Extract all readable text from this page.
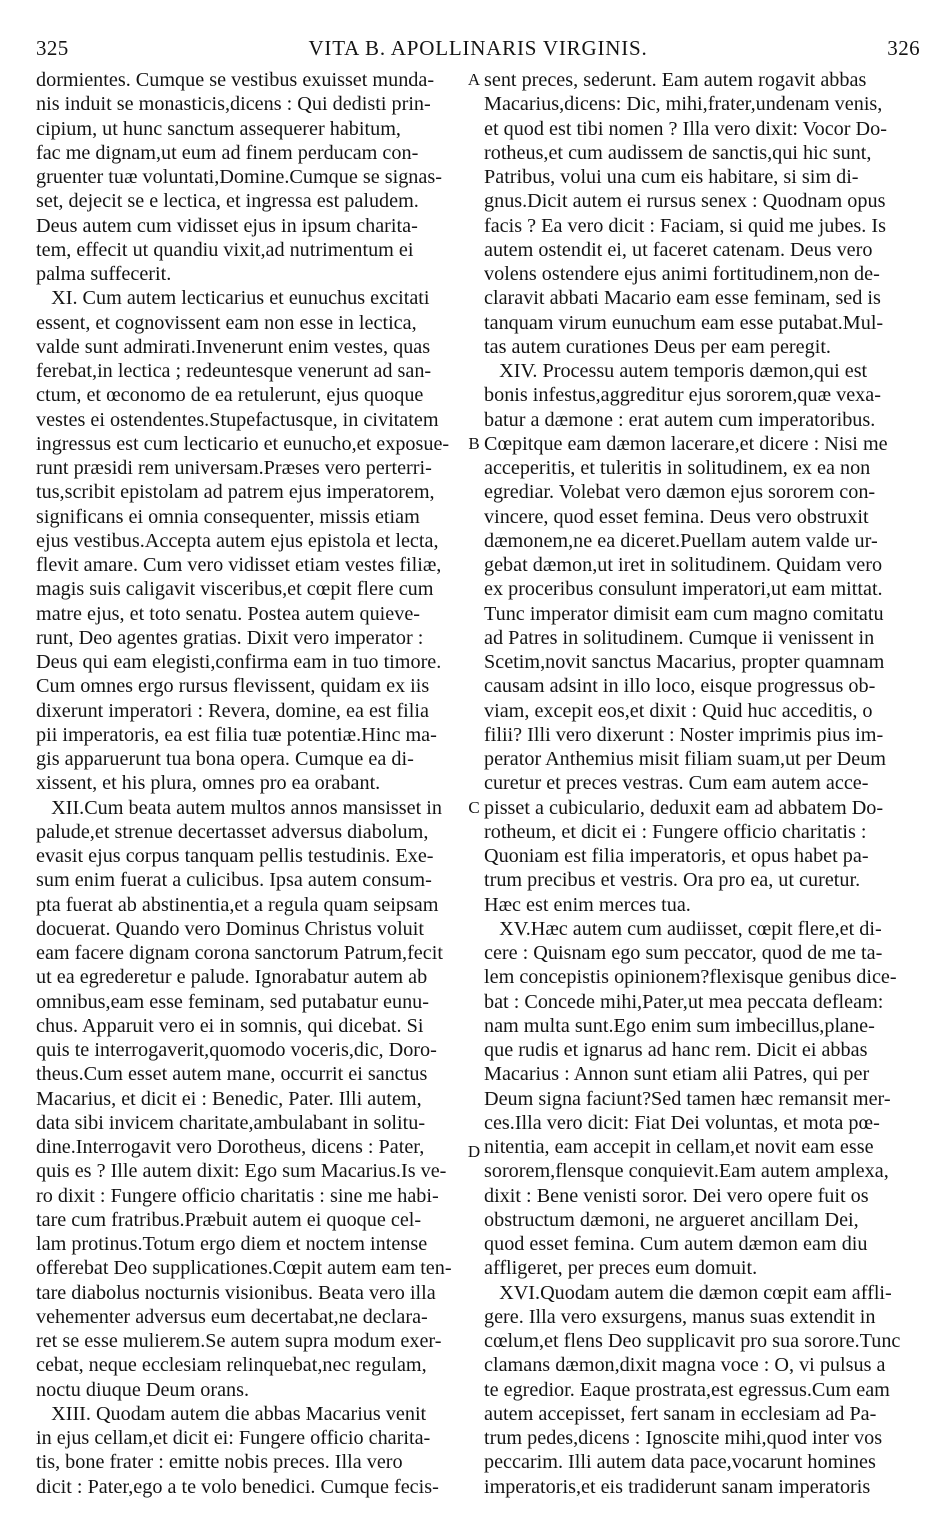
325	VITA B. APOLLINARIS VIRGINIS.	326
dormientes. Cumque se vestibus exuisset munda-
nis induit se monasticis,dicens : Qui dedisti prin-
cipium, ut hunc sanctum assequerer habitum,
fac me dignam,ut eum ad finem perducam con-
gruenter tuæ voluntati,Domine.Cumque se signas-
set, dejecit se e lectica, et ingressa est paludem.
Deus autem cum vidisset ejus in ipsum charita-
tem, effecit ut quandiu vixit,ad nutrimentum ei
palma suffecerit.
XI. Cum autem lecticarius et eunuchus excitati
essent, et cognovissent eam non esse in lectica,
valde sunt admirati.Invenerunt enim vestes, quas
ferebat,in lectica ; redeuntesque venerunt ad san-
ctum, et œconomo de ea retulerunt, ejus quoque
vestes ei ostendentes.Stupefactusque, in civitatem
ingressus est cum lecticario et eunucho,et exposue-
runt præsidi rem universam.Præses vero perterri-
tus,scribit epistolam ad patrem ejus imperatorem,
significans ei omnia consequenter, missis etiam
ejus vestibus.Accepta autem ejus epistola et lecta,
flevit amare. Cum vero vidisset etiam vestes filiæ,
magis suis caligavit visceribus,et cœpit flere cum
matre ejus, et toto senatu. Postea autem quieve-
runt, Deo agentes gratias. Dixit vero imperator :
Deus qui eam elegisti,confirma eam in tuo timore.
Cum omnes ergo rursus flevissent, quidam ex iis
dixerunt imperatori : Revera, domine, ea est filia
pii imperatoris, ea est filia tuæ potentiæ.Hinc ma-
gis apparuerunt tua bona opera. Cumque ea di-
xissent, et his plura, omnes pro ea orabant.
XII.Cum beata autem multos annos mansisset in
palude,et strenue decertasset adversus diabolum,
evasit ejus corpus tanquam pellis testudinis. Exe-
sum enim fuerat a culicibus. Ipsa autem consum-
pta fuerat ab abstinentia,et a regula quam seipsam
docuerat. Quando vero Dominus Christus voluit
eam facere dignam corona sanctorum Patrum,fecit
ut ea egrederetur e palude. Ignorabatur autem ab
omnibus,eam esse feminam, sed putabatur eunu-
chus. Apparuit vero ei in somnis, qui dicebat. Si
quis te interrogaverit,quomodo voceris,dic, Doro-
theus.Cum esset autem mane, occurrit ei sanctus
Macarius, et dicit ei : Benedic, Pater. Illi autem,
data sibi invicem charitate,ambulabant in solitu-
dine.Interrogavit vero Dorotheus, dicens : Pater,
quis es ? Ille autem dixit: Ego sum Macarius.Is ve-
ro dixit : Fungere officio charitatis : sine me habi-
tare cum fratribus.Præbuit autem ei quoque cel-
lam protinus.Totum ergo diem et noctem intense
offerebat Deo supplicationes.Cœpit autem eam ten-
tare diabolus nocturnis visionibus. Beata vero illa
vehementer adversus eum decertabat,ne declara-
ret se esse mulierem.Se autem supra modum exer-
cebat, neque ecclesiam relinquebat,nec regulam,
noctu diuque Deum orans.
XIII. Quodam autem die abbas Macarius venit
in ejus cellam,et dicit ei: Fungere officio charita-
tis, bone frater : emitte nobis preces. Illa vero
dicit : Pater,ego a te volo benedici. Cumque fecis-
sent preces, sederunt. Eam autem rogavit abbas
Macarius,dicens: Dic, mihi,frater,undenam venis,
et quod est tibi nomen ? Illa vero dixit: Vocor Do-
rotheus,et cum audissem de sanctis,qui hic sunt,
Patribus, volui una cum eis habitare, si sim di-
gnus.Dicit autem ei rursus senex : Quodnam opus
facis ? Ea vero dicit : Faciam, si quid me jubes. Is
autem ostendit ei, ut faceret catenam. Deus vero
volens ostendere ejus animi fortitudinem,non de-
claravit abbati Macario eam esse feminam, sed is
tanquam virum eunuchum eam esse putabat.Mul-
tas autem curationes Deus per eam peregit.
XIV. Processu autem temporis dæmon,qui est
bonis infestus,aggreditur ejus sororem,quæ vexa-
batur a dæmone : erat autem cum imperatoribus.
Cœpitque eam dæmon lacerare,et dicere : Nisi me
acceperitis, et tuleritis in solitudinem, ex ea non
egrediar. Volebat vero dæmon ejus sororem con-
vincere, quod esset femina. Deus vero obstruxit
dæmonem,ne ea diceret.Puellam autem valde ur-
gebat dæmon,ut iret in solitudinem. Quidam vero
ex proceribus consulunt imperatori,ut eam mittat.
Tunc imperator dimisit eam cum magno comitatu
ad Patres in solitudinem. Cumque ii venissent in
Scetim,novit sanctus Macarius, propter quamnam
causam adsint in illo loco, eisque progressus ob-
viam, excepit eos,et dixit : Quid huc acceditis, o
filii? Illi vero dixerunt : Noster imprimis pius im-
perator Anthemius misit filiam suam,ut per Deum
curetur et preces vestras. Cum eam autem acce-
pisset a cubiculario, deduxit eam ad abbatem Do-
rotheum, et dicit ei : Fungere officio charitatis :
Quoniam est filia imperatoris, et opus habet pa-
trum precibus et vestris. Ora pro ea, ut curetur.
Hæc est enim merces tua.
XV.Hæc autem cum audiisset, cœpit flere,et di-
cere : Quisnam ego sum peccator, quod de me ta-
lem concepistis opinionem?flexisque genibus dice-
bat : Concede mihi,Pater,ut mea peccata defleam:
nam multa sunt.Ego enim sum imbecillus,plane-
que rudis et ignarus ad hanc rem. Dicit ei abbas
Macarius : Annon sunt etiam alii Patres, qui per
Deum signa faciunt?Sed tamen hæc remansit mer-
ces.Illa vero dicit: Fiat Dei voluntas, et mota pœ-
nitentia, eam accepit in cellam,et novit eam esse
sororem,flensque conquievit.Eam autem amplexa,
dixit : Bene venisti soror. Dei vero opere fuit os
obstructum dæmoni, ne argueret ancillam Dei,
quod esset femina. Cum autem dæmon eam diu
affligeret, per preces eum domuit.
XVI.Quodam autem die dæmon cœpit eam affli-
gere. Illa vero exsurgens, manus suas extendit in
cœlum,et flens Deo supplicavit pro sua sorore.Tunc
clamans dæmon,dixit magna voce : O, vi pulsus a
te egredior. Eaque prostrata,est egressus.Cum eam
autem accepisset, fert sanam in ecclesiam ad Pa-
trum pedes,dicens : Ignoscite mihi,quod inter vos
peccarim. Illi autem data pace,vocarunt homines
imperatoris,et eis tradiderunt sanam imperatoris
A
B
C
D
